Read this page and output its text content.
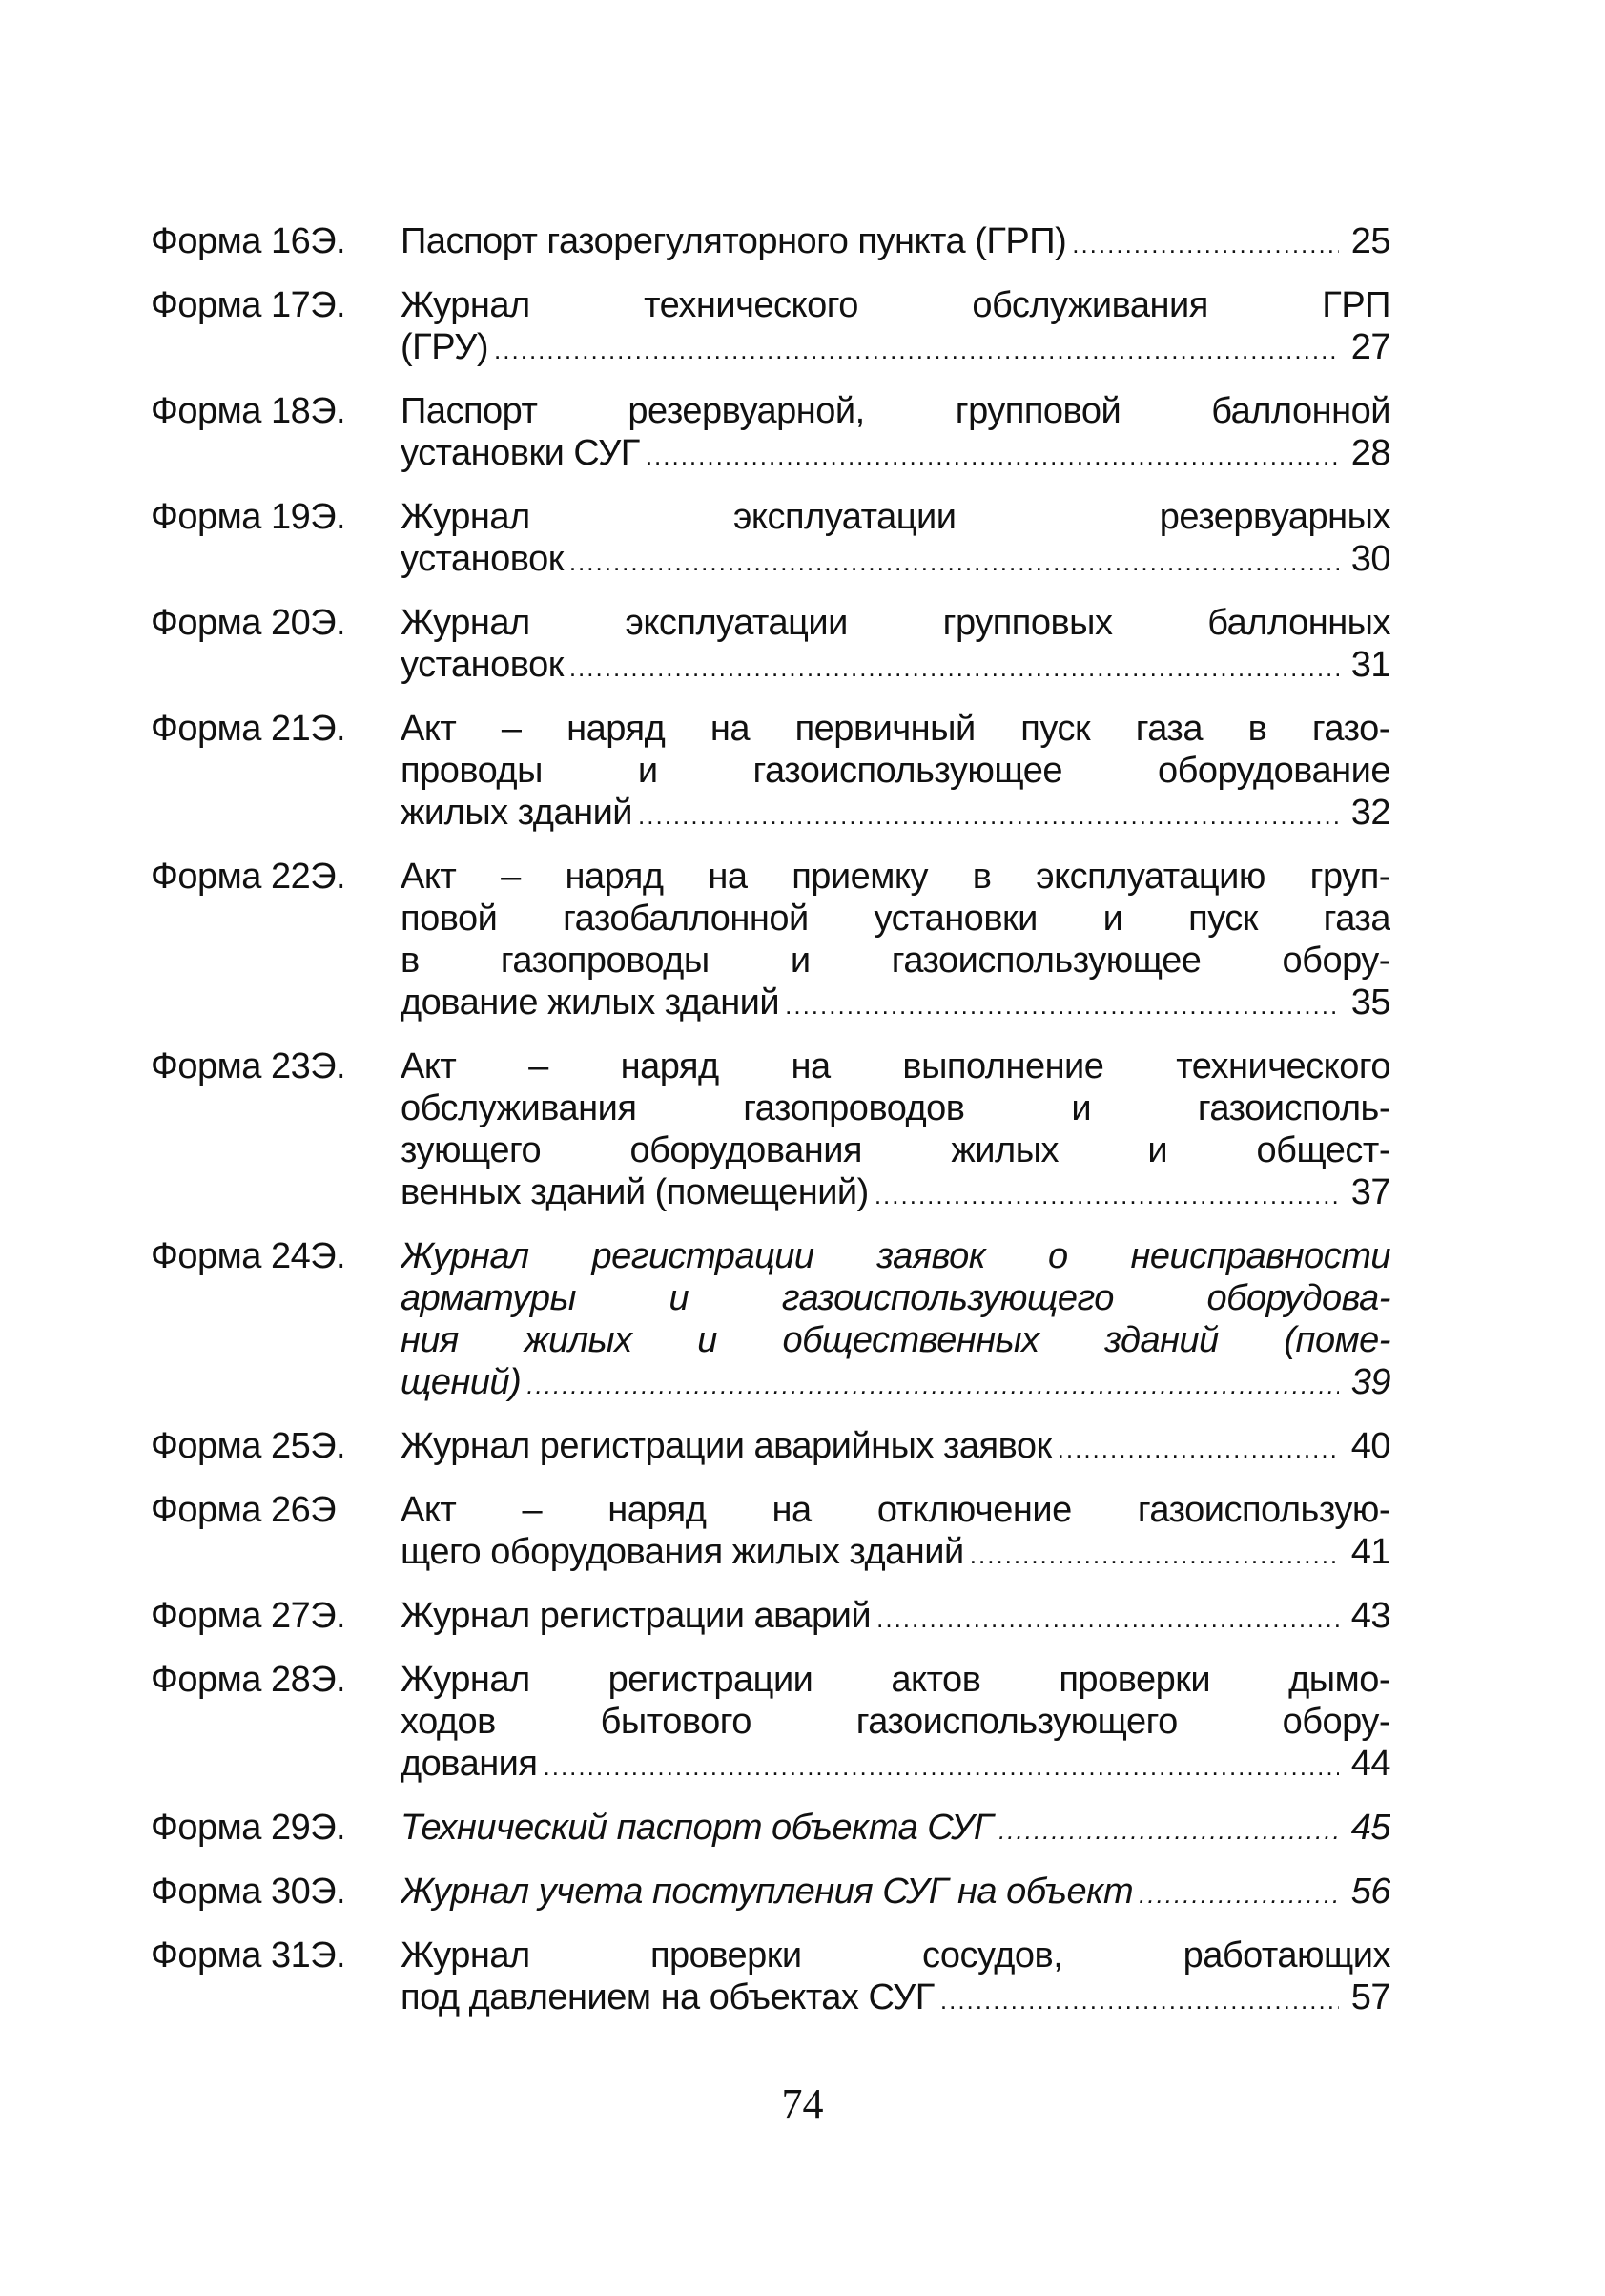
Форма 16Э.	Паспорт газорегуляторного пункта (ГРП) .....	25
Форма 17Э.	Журнал	технического	обслуживания	ГРП
(ГРУ) .....	27
Форма 18Э.	Паспорт	резервуарной,	групповой	баллонной
установки СУГ .....	28
Форма 19Э.	Журнал	эксплуатации	резервуарных
установок .....	30
Форма 20Э.	Журнал	эксплуатации	групповых	баллонных
установок .....	31
Форма 21Э.	Акт – наряд на первичный пуск газа в газо-
проводы	и	газоиспользующее	оборудование
жилых зданий .....	32
Форма 22Э.	Акт – наряд на приемку в эксплуатацию груп-
повой газобаллонной установки и пуск газа
в газопроводы и газоиспользующее обору-
дование жилых зданий .....	35
Форма 23Э.	Акт – наряд на выполнение технического
обслуживания	газопроводов	и	газоисполь-
зующего оборудования жилых и общест-
венных зданий (помещений) .....	37
Форма 24Э.	Журнал регистрации заявок о неисправности
арматуры	и	газоиспользующего	оборудова-
ния жилых и общественных зданий (поме-
щений) .....	39
Форма 25Э.	Журнал регистрации аварийных заявок .....	40
Форма 26Э	Акт – наряд на отключение газоиспользую-
щего оборудования жилых зданий .....	41
Форма 27Э.	Журнал регистрации аварий .....	43
Форма 28Э.	Журнал регистрации актов проверки дымо-
ходов	бытового	газоиспользующего	обору-
дования .....	44
Форма 29Э.	Технический паспорт объекта СУГ .....	45
Форма 30Э.	Журнал учета поступления СУГ на объект .....	56
Форма 31Э.	Журнал	проверки	сосудов,	работающих
под давлением на объектах СУГ .....	57
74
